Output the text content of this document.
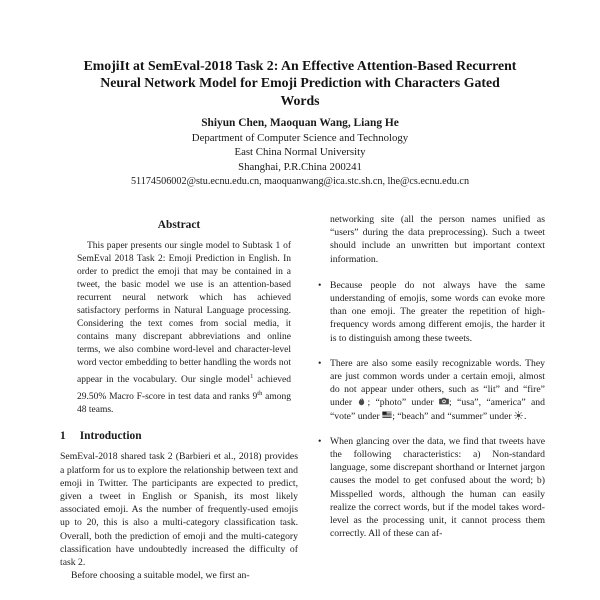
EmojiIt at SemEval-2018 Task 2: An Effective Attention-Based Recurrent
Neural Network Model for Emoji Prediction with Characters Gated
Words
Shiyun Chen, Maoquan Wang, Liang He
Department of Computer Science and Technology
East China Normal University
Shanghai, P.R.China 200241
51174506002@stu.ecnu.edu.cn, maoquanwang@ica.stc.sh.cn, lhe@cs.ecnu.edu.cn
Abstract

This paper presents our single model to Subtask 1 of SemEval 2018 Task 2: Emoji Prediction in English. In order to predict the emoji that may be contained in a tweet, the basic model we use is an attention-based recurrent neural network which has achieved satisfactory performs in Natural Language processing. Considering the text comes from social media, it contains many discrepant abbreviations and online terms, we also combine word-level and character-level word vector embedding to better handling the words not appear in the vocabulary. Our single model$^1$ achieved 29.50% Macro F-score in test data and ranks 9th among 48 teams.

1 Introduction

SemEval-2018 shared task 2 (Barbieri et al., 2018) provides a platform for us to explore the relationship between text and emoji in Twitter. The participants are expected to predict, given a tweet in English or Spanish, its most likely associated emoji. As the number of frequently-used emojis up to 20, this is also a multi-category classification task. Overall, both the prediction of emoji and the multi-category classification have undoubtedly increased the difficulty of task 2.

Before choosing a suitable model, we first an-

networking site (all the person names unified as “users” during the data preprocessing). Such a tweet should include an unwritten but important context information.

• Because people do not always have the same understanding of emojis, some words can evoke more than one emoji. The greater the repetition of high-frequency words among different emojis, the harder it is to distinguish among these tweets.
• There are also some easily recognizable words. They are just common words under a certain emoji, almost do not appear under others, such as “lit” and “fire” under
; “photo” under
; “usa”, “america” and “vote” under
; “beach” and “summer” under
.
• When glancing over the data, we find that tweets have the following characteristics: a) Non-standard language, some discrepant shorthand or Internet jargon causes the model to get confused about the word; b) Misspelled words, although the human can easily realize the correct words, but if the model takes word-level as the processing unit, it cannot process them correctly. All of these can af-
